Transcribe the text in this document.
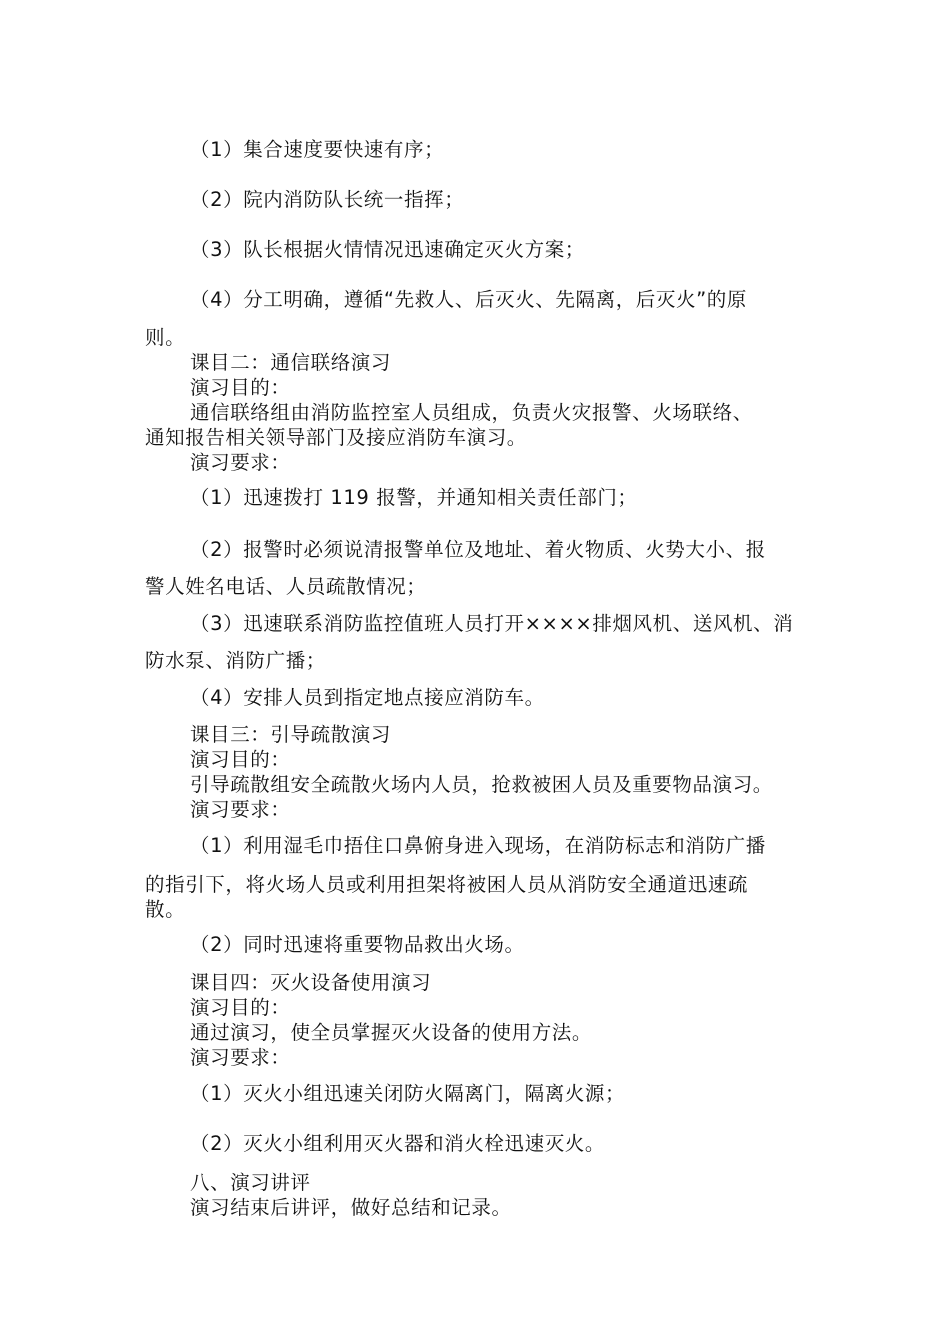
（1）集合速度要快速有序；
（2）院内消防队长统一指挥；
（3）队长根据火情情况迅速确定灭火方案；
（4）分工明确，遵循“先救人、后灭火、先隔离，后灭火”的原
则。
课目二：通信联络演习
演习目的：
通信联络组由消防监控室人员组成，负责火灾报警、火场联络、
通知报告相关领导部门及接应消防车演习。
演习要求：
（1）迅速拨打 119 报警，并通知相关责任部门；
（2）报警时必须说清报警单位及地址、着火物质、火势大小、报
警人姓名电话、人员疏散情况；
（3）迅速联系消防监控值班人员打开××××排烟风机、送风机、消
防水泵、消防广播；
（4）安排人员到指定地点接应消防车。
课目三：引导疏散演习
演习目的：
引导疏散组安全疏散火场内人员，抢救被困人员及重要物品演习。
演习要求：
（1）利用湿毛巾捂住口鼻俯身进入现场，在消防标志和消防广播
的指引下，将火场人员或利用担架将被困人员从消防安全通道迅速疏
散。
（2）同时迅速将重要物品救出火场。
课目四：灭火设备使用演习
演习目的：
通过演习，使全员掌握灭火设备的使用方法。
演习要求：
（1）灭火小组迅速关闭防火隔离门，隔离火源；
（2）灭火小组利用灭火器和消火栓迅速灭火。
八、演习讲评
演习结束后讲评，做好总结和记录。
